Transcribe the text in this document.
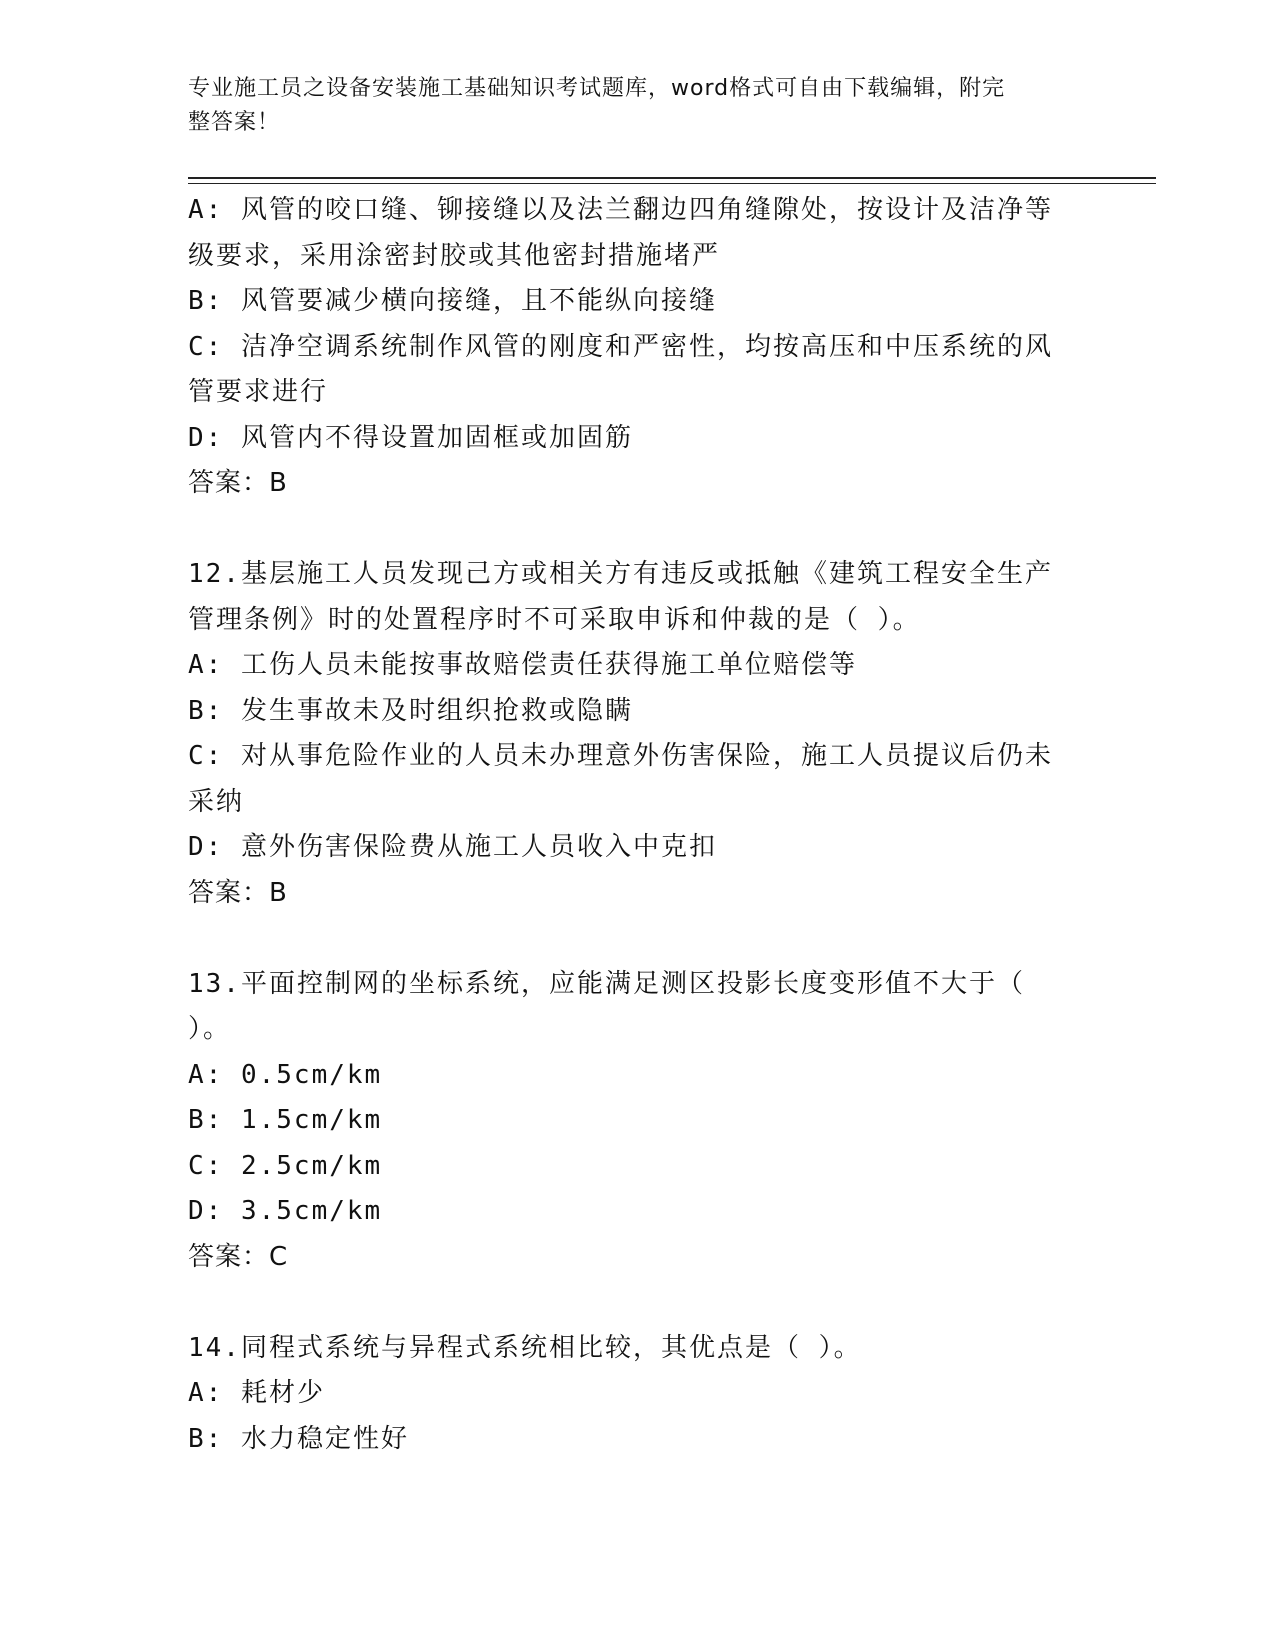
专业施工员之设备安装施工基础知识考试题库，word格式可自由下载编辑，附完
整答案！
A: 风管的咬口缝、铆接缝以及法兰翻边四角缝隙处，按设计及洁净等
级要求，采用涂密封胶或其他密封措施堵严
B: 风管要减少横向接缝，且不能纵向接缝
C: 洁净空调系统制作风管的刚度和严密性，均按高压和中压系统的风
管要求进行
D: 风管内不得设置加固框或加固筋
答案：B
12.基层施工人员发现己方或相关方有违反或抵触《建筑工程安全生产
管理条例》时的处置程序时不可采取申诉和仲裁的是（ ）。
A: 工伤人员未能按事故赔偿责任获得施工单位赔偿等
B: 发生事故未及时组织抢救或隐瞒
C: 对从事危险作业的人员未办理意外伤害保险，施工人员提议后仍未
采纳
D: 意外伤害保险费从施工人员收入中克扣
答案：B
13.平面控制网的坐标系统，应能满足测区投影长度变形值不大于（
）。
A: 0.5cm/km
B: 1.5cm/km
C: 2.5cm/km
D: 3.5cm/km
答案：C
14.同程式系统与异程式系统相比较，其优点是（ ）。
A: 耗材少
B: 水力稳定性好
